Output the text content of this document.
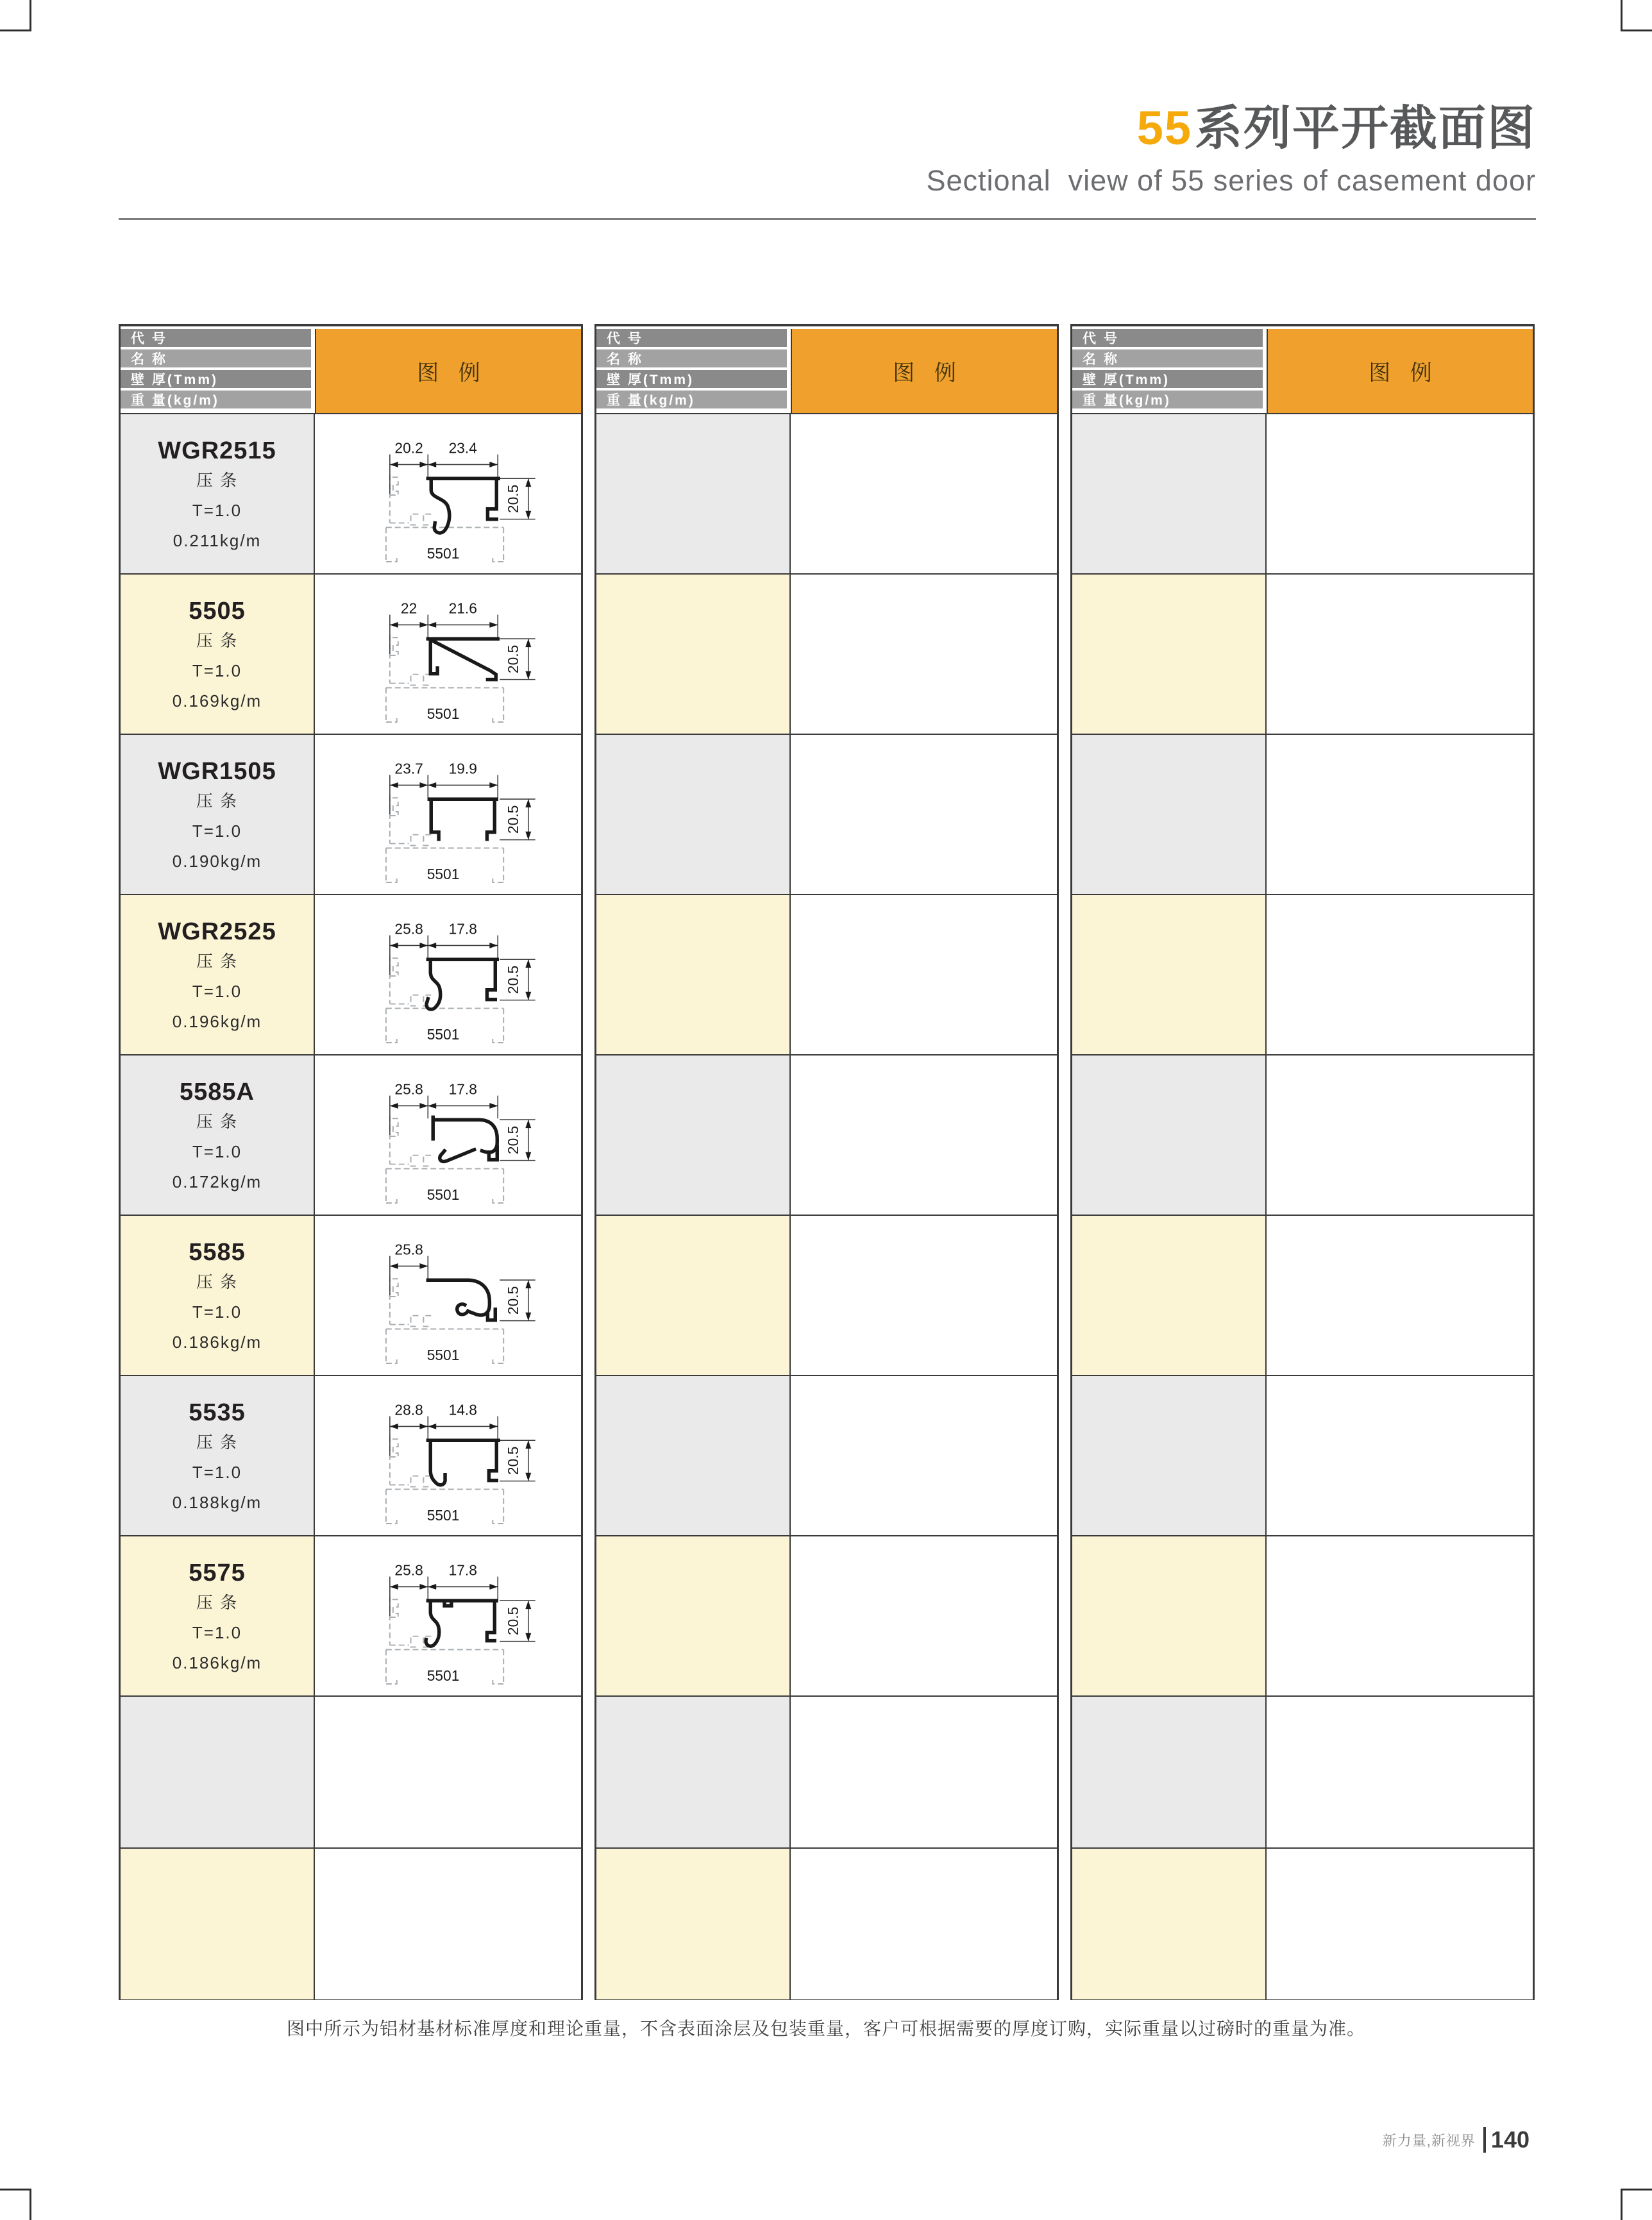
55系列平开截面图
Sectional  view of 55 series of casement door
代 号
名 称
壁 厚(Tmm)
重 量(kg/m)
图例
WGR2515
压 条
T=1.0
0.211kg/m
20.2 23.4
20.5
5501
5505
压 条
T=1.0
0.169kg/m
22 21.6
20.5
5501
WGR1505
压 条
T=1.0
0.190kg/m
23.7 19.9
20.5
5501
WGR2525
压 条
T=1.0
0.196kg/m
25.8 17.8
20.5
5501
5585A
压 条
T=1.0
0.172kg/m
25.8 17.8
20.5
5501
5585
压 条
T=1.0
0.186kg/m
25.8
20.5
5501
5535
压 条
T=1.0
0.188kg/m
28.8 14.8
20.5
5501
5575
压 条
T=1.0
0.186kg/m
25.8 17.8
20.5
5501
代 号
名 称
壁 厚(Tmm)
重 量(kg/m)
图例
代 号
名 称
壁 厚(Tmm)
重 量(kg/m)
图例
图中所示为铝材基材标准厚度和理论重量，不含表面涂层及包装重量，客户可根据需要的厚度订购，实际重量以过磅时的重量为准。
新力量,新视界 140
